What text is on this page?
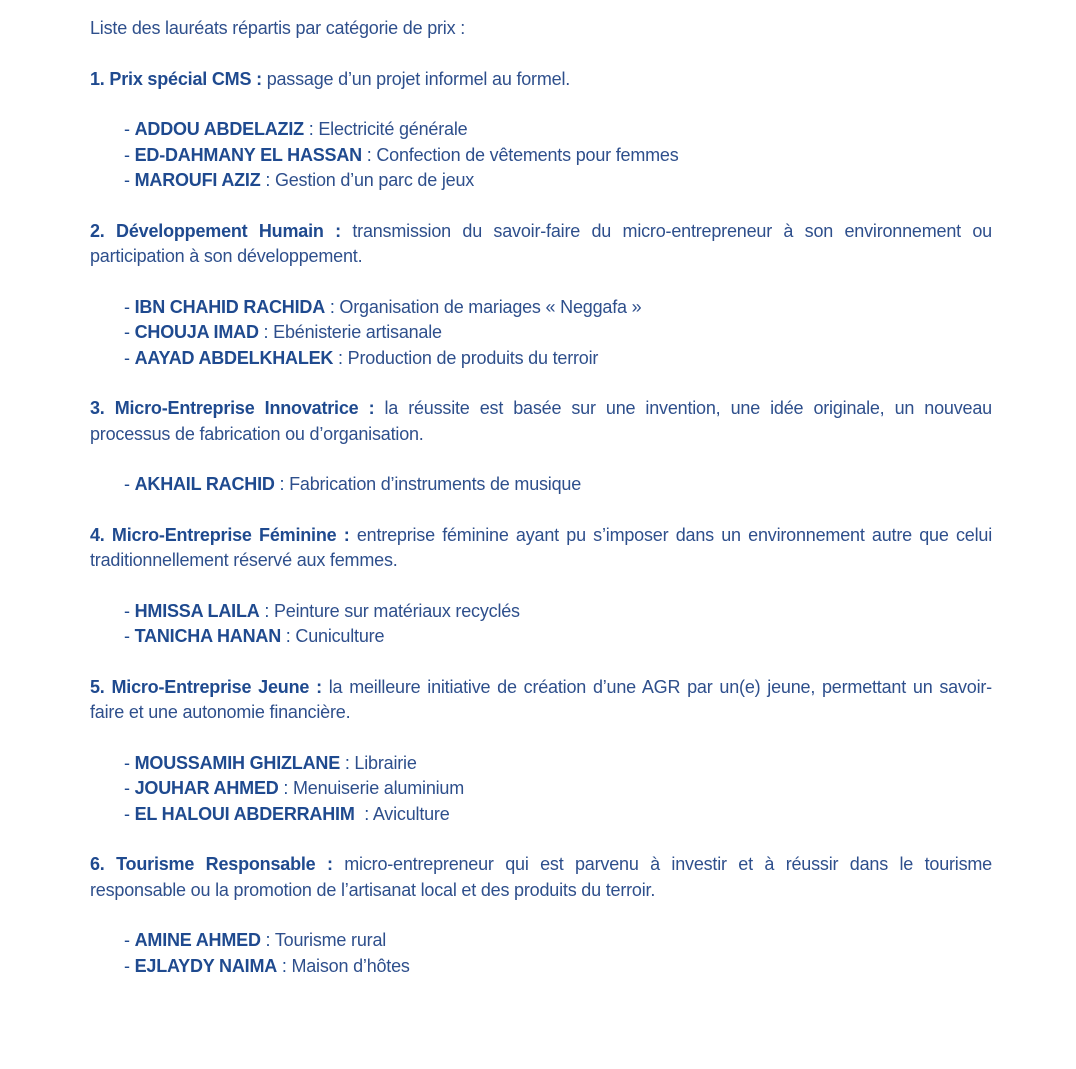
Liste des lauréats répartis par catégorie de prix :

1. Prix spécial CMS : passage d’un projet informel au formel.

- ADDOU ABDELAZIZ : Electricité générale
- ED-DAHMANY EL HASSAN : Confection de vêtements pour femmes
- MAROUFI AZIZ : Gestion d’un parc de jeux

2. Développement Humain : transmission du savoir-faire du micro-entrepreneur à son environnement ou participation à son développement.

- IBN CHAHID RACHIDA : Organisation de mariages « Neggafa »
- CHOUJA IMAD : Ebénisterie artisanale
- AAYAD ABDELKHALEK : Production de produits du terroir

3. Micro-Entreprise Innovatrice : la réussite est basée sur une invention, une idée originale, un nouveau processus de fabrication ou d’organisation.

- AKHAIL RACHID : Fabrication d’instruments de musique

4. Micro-Entreprise Féminine : entreprise féminine ayant pu s’imposer dans un environnement autre que celui traditionnellement réservé aux femmes.

- HMISSA LAILA : Peinture sur matériaux recyclés
- TANICHA HANAN : Cuniculture

5. Micro-Entreprise Jeune : la meilleure initiative de création d’une AGR par un(e) jeune, permettant un savoir-faire et une autonomie financière.

- MOUSSAMIH GHIZLANE : Librairie
- JOUHAR AHMED : Menuiserie aluminium
- EL HALOUI ABDERRAHIM  : Aviculture

6. Tourisme Responsable : micro-entrepreneur qui est parvenu à investir et à réussir dans le tourisme responsable ou la promotion de l’artisanat local et des produits du terroir.

- AMINE AHMED : Tourisme rural
- EJLAYDY NAIMA : Maison d’hôtes
